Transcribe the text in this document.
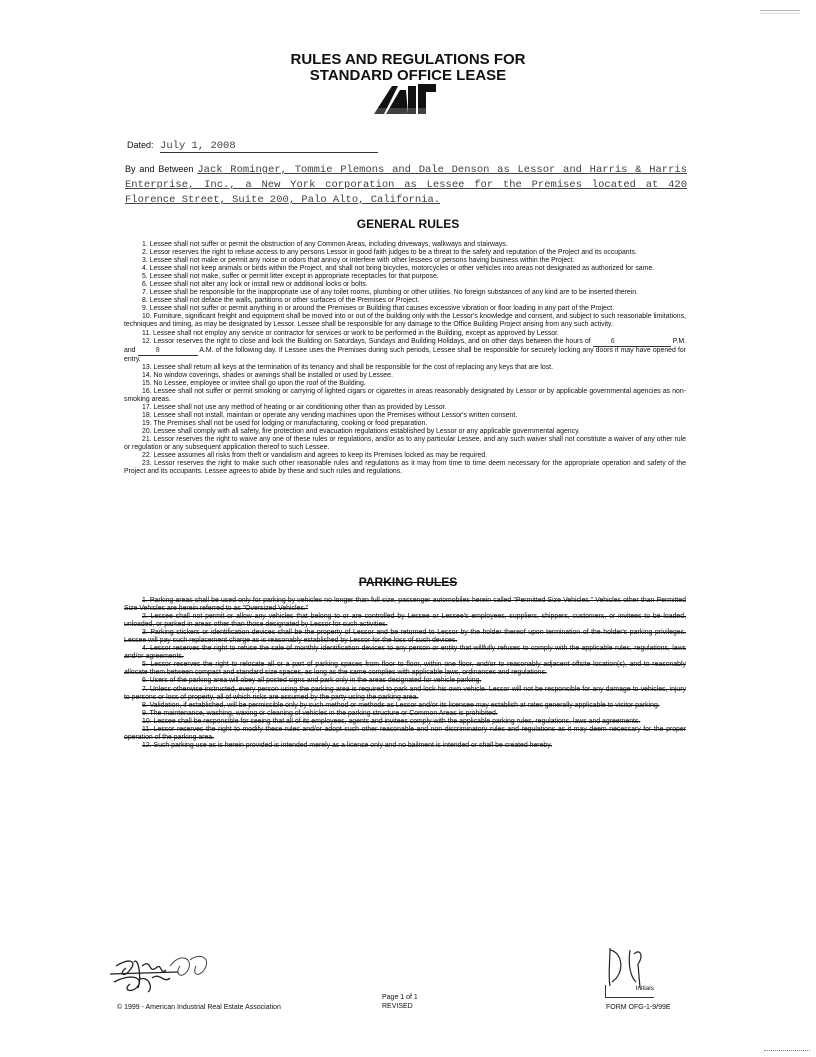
RULES AND REGULATIONS FOR
STANDARD OFFICE LEASE
Dated: July 1, 2008
By and Between Jack Rominger, Tommie Plemons and Dale Denson as Lessor and Harris & Harris Enterprise, Inc., a New York corporation as Lessee for the Premises located at 420 Florence Street, Suite 200, Palo Alto, California.
GENERAL RULES

1. Lessee shall not suffer or permit the obstruction of any Common Areas, including driveways, walkways and stairways.

2. Lessor reserves the right to refuse access to any persons Lessor in good faith judges to be a threat to the safety and reputation of the Project and its occupants.

3. Lessee shall not make or permit any noise or odors that annoy or interfere with other lessees or persons having business within the Project.

4. Lessee shall not keep animals or birds within the Project, and shall not bring bicycles, motorcycles or other vehicles into areas not designated as authorized for same.

5. Lessee shall not make, suffer or permit litter except in appropriate receptacles for that purpose.

6. Lessee shall not alter any lock or install new or additional locks or bolts.

7. Lessee shall be responsible for the inappropriate use of any toilet rooms, plumbing or other utilities. No foreign substances of any kind are to be inserted therein.

8. Lessee shall not deface the walls, partitions or other surfaces of the Premises or Project.

9. Lessee shall not suffer or permit anything in or around the Premises or Building that causes excessive vibration or floor loading in any part of the Project.

10. Furniture, significant freight and equipment shall be moved into or out of the building only with the Lessor's knowledge and consent, and subject to such reasonable limitations, techniques and timing, as may be designated by Lessor. Lessee shall be responsible for any damage to the Office Building Project arising from any such activity.

11. Lessee shall not employ any service or contractor for services or work to be performed in the Building, except as approved by Lessor.

12. Lessor reserves the right to close and lock the Building on Saturdays, Sundays and Building Holidays, and on other days between the hours of	6	P.M. and	8	A.M. of the following day. If Lessee uses the Premises during such periods, Lessee shall be responsible for securely locking any doors it may have opened for entry.

13. Lessee shall return all keys at the termination of its tenancy and shall be responsible for the cost of replacing any keys that are lost.

14. No window coverings, shades or awnings shall be installed or used by Lessee.

15. No Lessee, employee or invitee shall go upon the roof of the Building.

16. Lessee shall not suffer or permit smoking or carrying of lighted cigars or cigarettes in areas reasonably designated by Lessor or by applicable governmental agencies as non-smoking areas.

17. Lessee shall not use any method of heating or air conditioning other than as provided by Lessor.

18. Lessee shall not install, maintain or operate any vending machines upon the Premises without Lessor's written consent.

19. The Premises shall not be used for lodging or manufacturing, cooking or food preparation.

20. Lessee shall comply with all safety, fire protection and evacuation regulations established by Lessor or any applicable governmental agency.

21. Lessor reserves the right to waive any one of these rules or regulations, and/or as to any particular Lessee, and any such waiver shall not constitute a waiver of any other rule or regulation or any subsequent application thereof to such Lessee.

22. Lessee assumes all risks from theft or vandalism and agrees to keep its Premises locked as may be required.

23. Lessor reserves the right to make such other reasonable rules and regulations as it may from time to time deem necessary for the appropriate operation and safety of the Project and its occupants. Lessee agrees to abide by these and such rules and regulations.

PARKING RULES

1. Parking areas shall be used only for parking by vehicles no longer than full size, passenger automobiles herein called "Permitted Size Vehicles." Vehicles other than Permitted Size Vehicles are herein referred to as "Oversized Vehicles."

2. Lessee shall not permit or allow any vehicles that belong to or are controlled by Lessee or Lessee's employees, suppliers, shippers, customers, or invitees to be loaded, unloaded, or parked in areas other than those designated by Lessor for such activities.

3. Parking stickers or identification devices shall be the property of Lessor and be returned to Lessor by the holder thereof upon termination of the holder's parking privileges. Lessee will pay such replacement charge as is reasonably established by Lessor for the loss of such devices.

4. Lessor reserves the right to refuse the sale of monthly identification devices to any person or entity that willfully refuses to comply with the applicable rules, regulations, laws and/or agreements.

5. Lessor reserves the right to relocate all or a part of parking spaces from floor to floor, within one floor, and/or to reasonably adjacent offsite location(s), and to reasonably allocate them between compact and standard size spaces, as long as the same complies with applicable laws, ordinances and regulations.

6. Users of the parking area will obey all posted signs and park only in the areas designated for vehicle parking.

7. Unless otherwise instructed, every person using the parking area is required to park and lock his own vehicle. Lessor will not be responsible for any damage to vehicles, injury to persons or loss of property, all of which risks are assumed by the party using the parking area.

8. Validation, if established, will be permissible only by such method or methods as Lessor and/or its licensee may establish at rates generally applicable to visitor parking.

9. The maintenance, washing, waxing or cleaning of vehicles in the parking structure or Common Areas is prohibited.

10. Lessee shall be responsible for seeing that all of its employees, agents and invitees comply with the applicable parking rules, regulations, laws and agreements.

11. Lessor reserves the right to modify these rules and/or adopt such other reasonable and non discriminatory rules and regulations as it may deem necessary for the proper operation of the parking area.

12. Such parking use as is herein provided is intended merely as a license only and no bailment is intended or shall be created hereby.

Initials
© 1999 - American Industrial Real Estate Association
Page 1 of 1
REVISED	FORM OFG-1-9/99E
